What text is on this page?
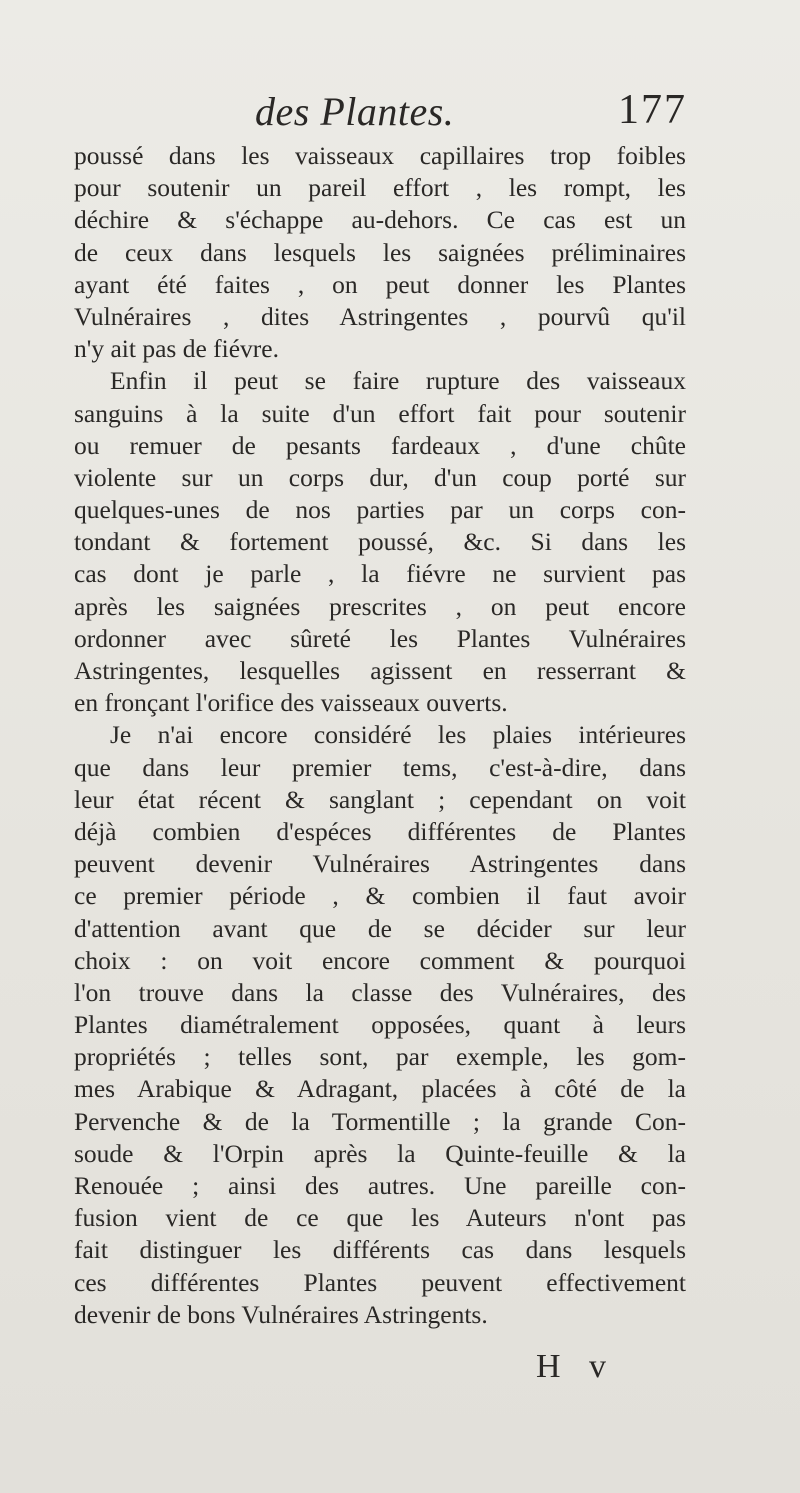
des Plantes.	177
poussé dans les vaisseaux capillaires trop foibles
pour soutenir un pareil effort , les rompt, les
déchire & s'échappe au-dehors. Ce cas est un
de ceux dans lesquels les saignées préliminaires
ayant été faites , on peut donner les Plantes
Vulnéraires , dites Astringentes , pourvû qu'il
n'y ait pas de fiévre.
Enfin il peut se faire rupture des vaisseaux
sanguins à la suite d'un effort fait pour soutenir
ou remuer de pesants fardeaux , d'une chûte
violente sur un corps dur, d'un coup porté sur
quelques-unes de nos parties par un corps con-
tondant & fortement poussé, &c. Si dans les
cas dont je parle , la fiévre ne survient pas
après les saignées prescrites , on peut encore
ordonner avec sûreté les Plantes Vulnéraires
Astringentes, lesquelles agissent en resserrant &
en fronçant l'orifice des vaisseaux ouverts.
Je n'ai encore considéré les plaies intérieures
que dans leur premier tems, c'est-à-dire, dans
leur état récent & sanglant ; cependant on voit
déjà combien d'espéces différentes de Plantes
peuvent devenir Vulnéraires Astringentes dans
ce premier période , & combien il faut avoir
d'attention avant que de se décider sur leur
choix : on voit encore comment & pourquoi
l'on trouve dans la classe des Vulnéraires, des
Plantes diamétralement opposées, quant à leurs
propriétés ; telles sont, par exemple, les gom-
mes Arabique & Adragant, placées à côté de la
Pervenche & de la Tormentille ; la grande Con-
soude & l'Orpin après la Quinte-feuille & la
Renouée ; ainsi des autres. Une pareille con-
fusion vient de ce que les Auteurs n'ont pas
fait distinguer les différents cas dans lesquels
ces différentes Plantes peuvent effectivement
devenir de bons Vulnéraires Astringents.
H v
